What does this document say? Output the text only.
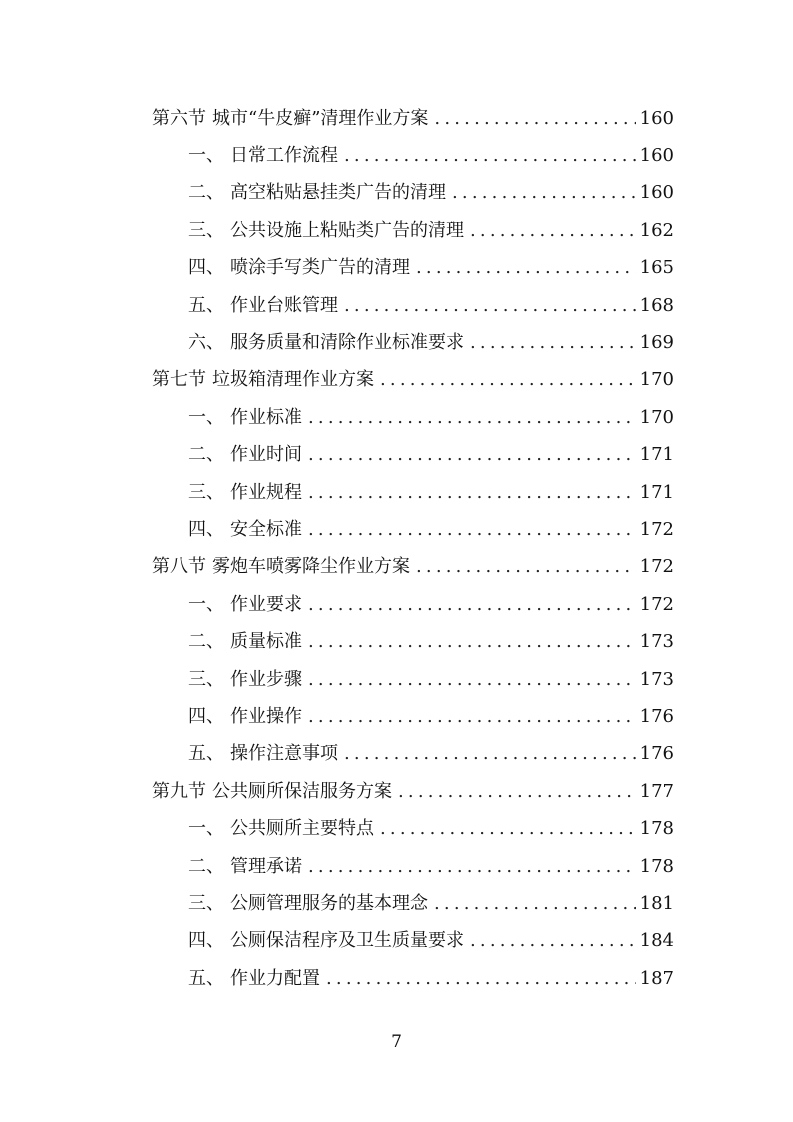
第六节 城市“牛皮癣”清理作业方案 .....	160
一、 日常工作流程 .....	160
二、 高空粘贴悬挂类广告的清理 .....	160
三、 公共设施上粘贴类广告的清理 .....	162
四、 喷涂手写类广告的清理 .....	165
五、 作业台账管理 .....	168
六、 服务质量和清除作业标准要求 .....	169
第七节 垃圾箱清理作业方案 .....	170
一、 作业标准 .....	170
二、 作业时间 .....	171
三、 作业规程 .....	171
四、 安全标准 .....	172
第八节 雾炮车喷雾降尘作业方案 .....	172
一、 作业要求 .....	172
二、 质量标准 .....	173
三、 作业步骤 .....	173
四、 作业操作 .....	176
五、 操作注意事项 .....	176
第九节 公共厕所保洁服务方案 .....	177
一、 公共厕所主要特点 .....	178
二、 管理承诺 .....	178
三、 公厕管理服务的基本理念 .....	181
四、 公厕保洁程序及卫生质量要求 .....	184
五、 作业力配置 .....	187
7
